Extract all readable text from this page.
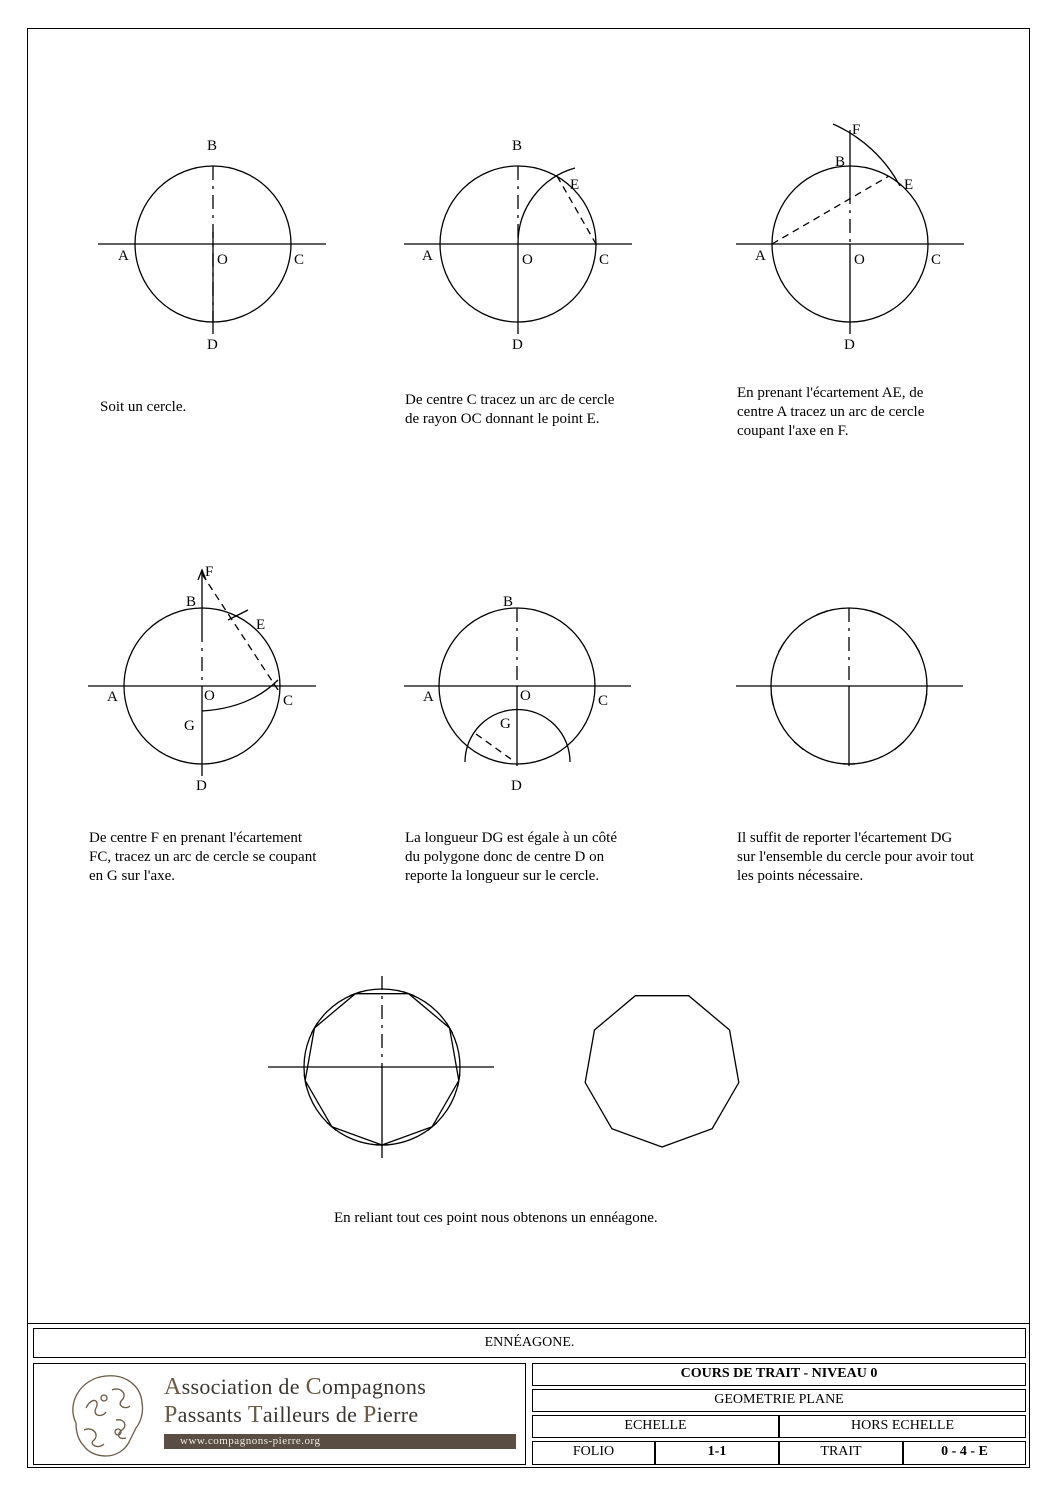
B
A	O	C
D
B
A	O	C
D
E
F
B
E
A	O	C
D
F
B
E
A	O	C
G
D
B
A	O	C
G
D

Soit un cercle.	De centre C tracez un arc de cercle
de rayon OC donnant le point E.

En prenant l'écartement AE, de
centre A tracez un arc de cercle
coupant l'axe en F.

De centre F en prenant l'écartement
FC, tracez un arc de cercle se coupant
en G sur l'axe.

La longueur DG est égale à un côté
du polygone donc de centre D on
reporte la longueur sur le cercle.

Il suffit de reporter l'écartement DG
sur l'ensemble du cercle pour avoir tout
les points nécessaire.

En reliant tout ces point nous obtenons un ennéagone.

ENNÉAGONE.
Association de Compagnons
Passants Tailleurs de Pierre
www.compagnons-pierre.org
COURS DE TRAIT - NIVEAU 0
GEOMETRIE PLANE
ECHELLE	HORS ECHELLE
FOLIO	1-1	TRAIT	0 - 4 - E
